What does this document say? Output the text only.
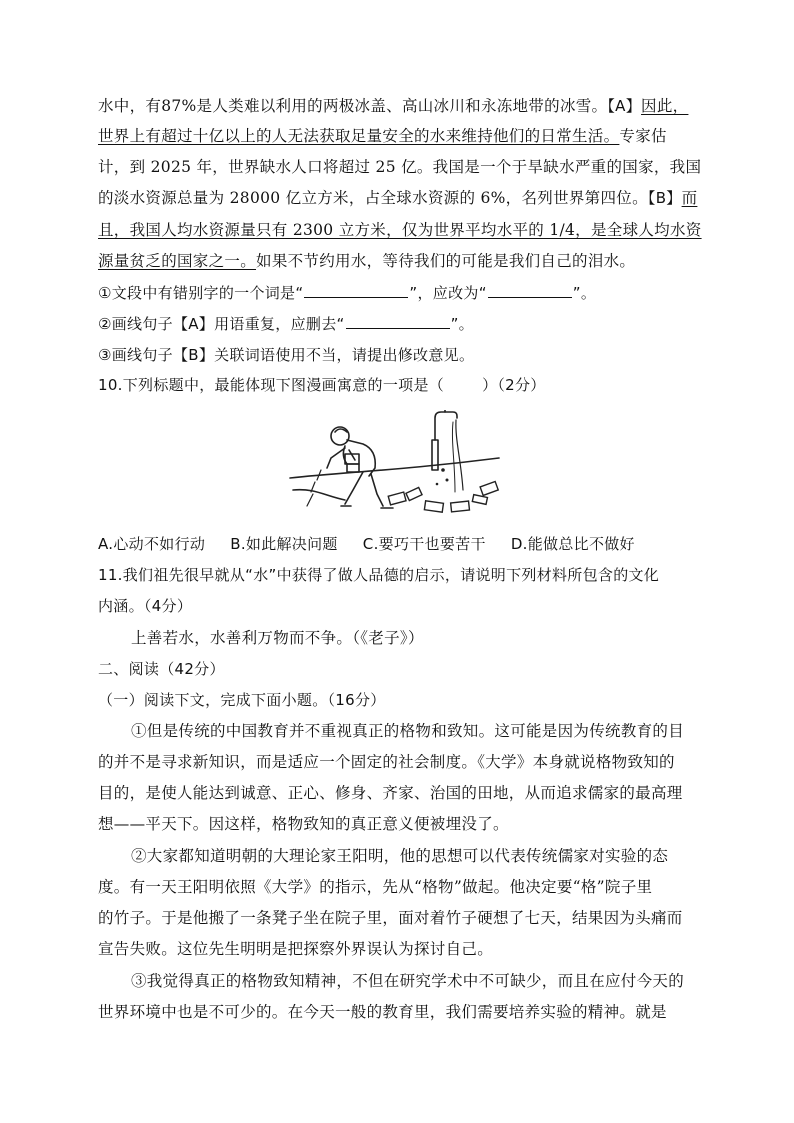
水中，有87%是人类难以利用的两极冰盖、高山冰川和永冻地带的冰雪。【A】因此，
世界上有超过十亿以上的人无法获取足量安全的水来维持他们的日常生活。专家估
计，到 2025 年，世界缺水人口将超过 25 亿。我国是一个于旱缺水严重的国家，我国
的淡水资源总量为 28000 亿立方米，占全球水资源的 6%，名列世界第四位。【B】而
且，我国人均水资源量只有 2300 立方米，仅为世界平均水平的 1/4，是全球人均水资
源量贫乏的国家之一。如果不节约用水，等待我们的可能是我们自己的泪水。
①文段中有错别字的一个词是“	”，应改为“	”。
②画线句子【A】用语重复，应删去“	”。
③画线句子【B】关联词语使用不当，请提出修改意见。
10.下列标题中，最能体现下图漫画寓意的一项是（	）（2分）
A.心动不如行动 B.如此解决问题 C.要巧干也要苦干 D.能做总比不做好
11.我们祖先很早就从“水”中获得了做人品德的启示，请说明下列材料所包含的文化
内涵。（4分）
上善若水，水善利万物而不争。（《老子》）
二、阅读（42分）
（一）阅读下文，完成下面小题。（16分）
①但是传统的中国教育并不重视真正的格物和致知。这可能是因为传统教育的目
的并不是寻求新知识，而是适应一个固定的社会制度。《大学》本身就说格物致知的
目的，是使人能达到诚意、正心、修身、齐家、治国的田地，从而追求儒家的最高理
想——平天下。因这样，格物致知的真正意义便被埋没了。
②大家都知道明朝的大理论家王阳明，他的思想可以代表传统儒家对实验的态
度。有一天王阳明依照《大学》的指示，先从“格物”做起。他决定要“格”院子里
的竹子。于是他搬了一条凳子坐在院子里，面对着竹子硬想了七天，结果因为头痛而
宣告失败。这位先生明明是把探察外界误认为探讨自己。
③我觉得真正的格物致知精神，不但在研究学术中不可缺少，而且在应付今天的
世界环境中也是不可少的。在今天一般的教育里，我们需要培养实验的精神。就是
